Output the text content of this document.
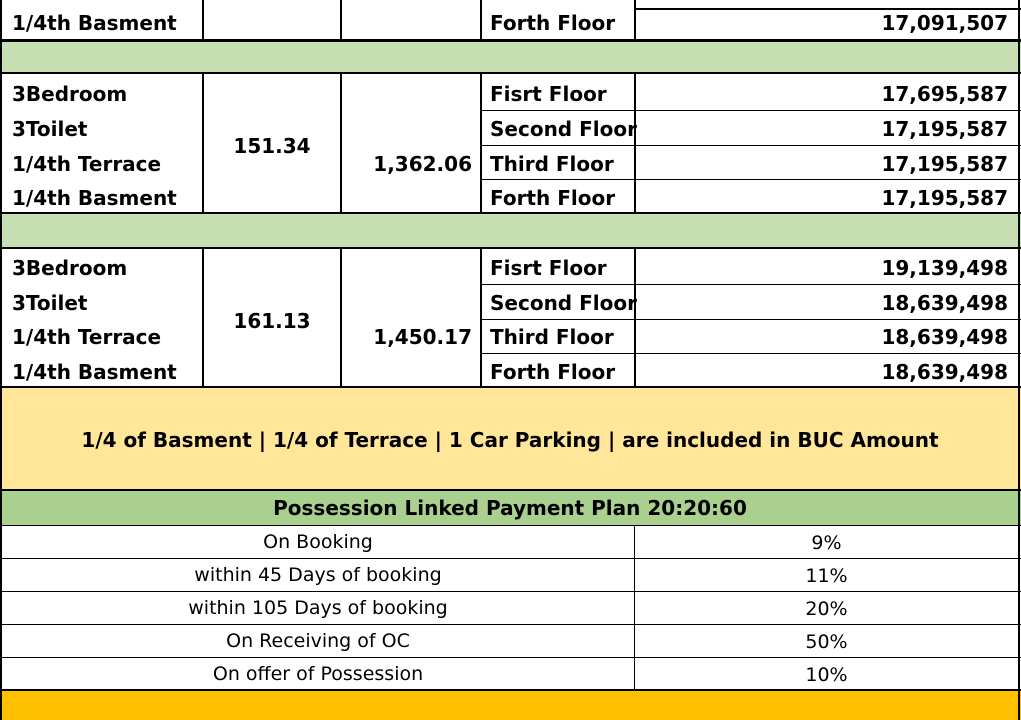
1/4th Basment	Forth Floor	17,091,507
3Bedroom
3Toilet
1/4th Terrace
1/4th Basment
151.34
1,362.06
Fisrt Floor
Second Floor
Third Floor
Forth Floor
17,695,587
17,195,587
17,195,587
17,195,587
3Bedroom
3Toilet
1/4th Terrace
1/4th Basment
161.13
1,450.17
Fisrt Floor
Second Floor
Third Floor
Forth Floor
19,139,498
18,639,498
18,639,498
18,639,498
1/4 of Basment | 1/4 of Terrace | 1 Car Parking | are included in BUC Amount
Possession Linked Payment Plan 20:20:60
On Booking
within 45 Days of booking
within 105 Days of booking
On Receiving of OC
On offer of Possession
9%
11%
20%
50%
10%
